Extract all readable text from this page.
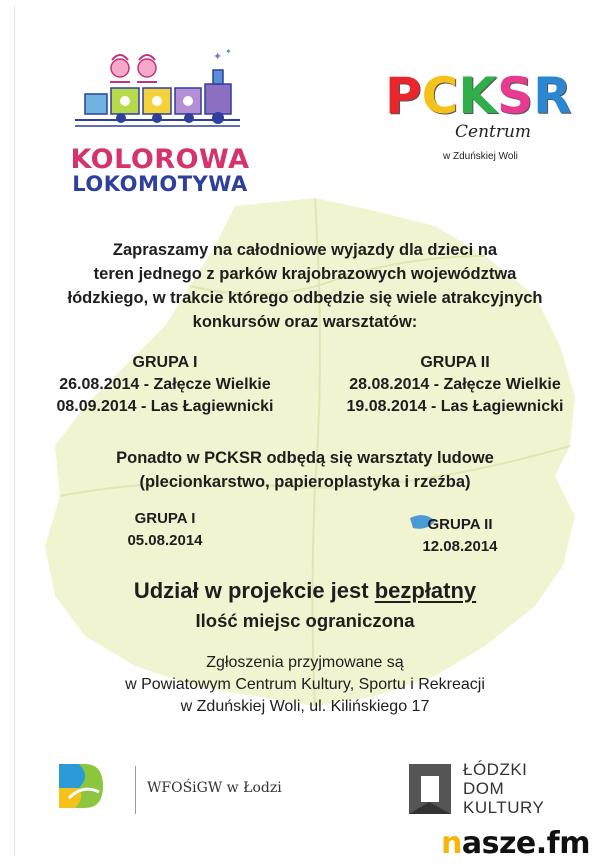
✦ ✦
KOLOROWA
LOKOMOTYWA
PCKSR
Centrum
w Zduńskiej Woli
Zapraszamy na całodniowe wyjazdy dla dzieci na
teren jednego z parków krajobrazowych województwa
łódzkiego, w trakcie którego odbędzie się wiele atrakcyjnych
konkursów oraz warsztatów:
GRUPA I
26.08.2014 - Załęcze Wielkie
08.09.2014 - Las Łagiewnicki
GRUPA II
28.08.2014 - Załęcze Wielkie
19.08.2014 - Las Łagiewnicki
Ponadto w PCKSR odbędą się warsztaty ludowe
(plecionkarstwo, papieroplastyka i rzeźba)
GRUPA I
05.08.2014
GRUPA II
12.08.2014
Udział w projekcie jest bezpłatny
Ilość miejsc ograniczona
Zgłoszenia przyjmowane są
w Powiatowym Centrum Kultury, Sportu i Rekreacji
w Zduńskiej Woli, ul. Kilińskiego 17
WFOŚiGW w Łodzi
ŁÓDZKI
DOM
KULTURY
nasze.fm
